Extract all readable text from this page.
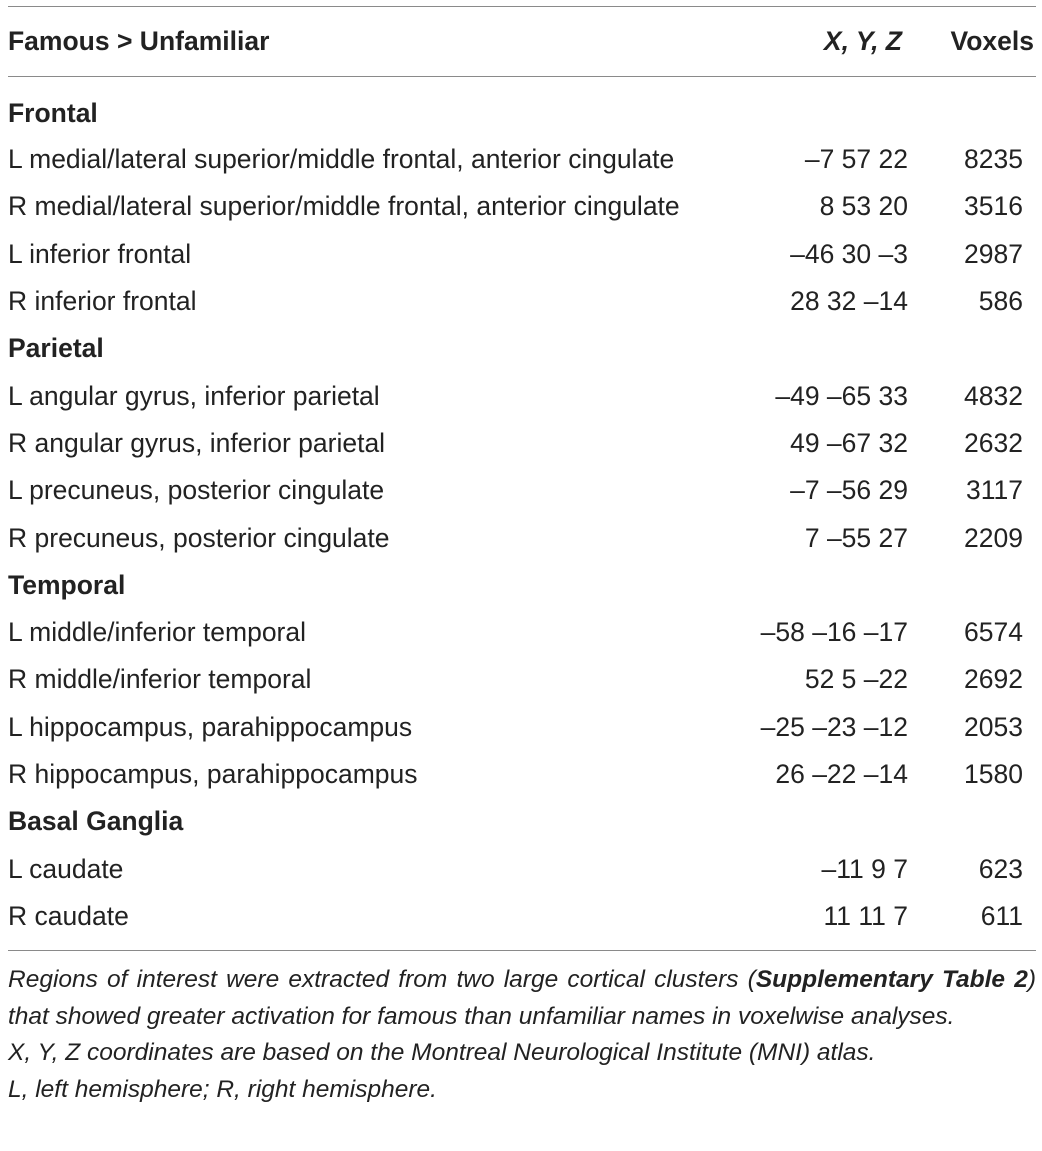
Famous > Unfamiliar	X, Y, Z	Voxels
Frontal		
L medial/lateral superior/middle frontal, anterior cingulate	–7 57 22	8235
R medial/lateral superior/middle frontal, anterior cingulate	8 53 20	3516
L inferior frontal	–46 30 –3	2987
R inferior frontal	28 32 –14	586
Parietal		
L angular gyrus, inferior parietal	–49 –65 33	4832
R angular gyrus, inferior parietal	49 –67 32	2632
L precuneus, posterior cingulate	–7 –56 29	3117
R precuneus, posterior cingulate	7 –55 27	2209
Temporal		
L middle/inferior temporal	–58 –16 –17	6574
R middle/inferior temporal	52 5 –22	2692
L hippocampus, parahippocampus	–25 –23 –12	2053
R hippocampus, parahippocampus	26 –22 –14	1580
Basal Ganglia		
L caudate	–11 9 7	623
R caudate	11 11 7	611

Regions of interest were extracted from two large cortical clusters (Supplementary Table 2) that showed greater activation for famous than unfamiliar names in voxelwise analyses.

X, Y, Z coordinates are based on the Montreal Neurological Institute (MNI) atlas.

L, left hemisphere; R, right hemisphere.
